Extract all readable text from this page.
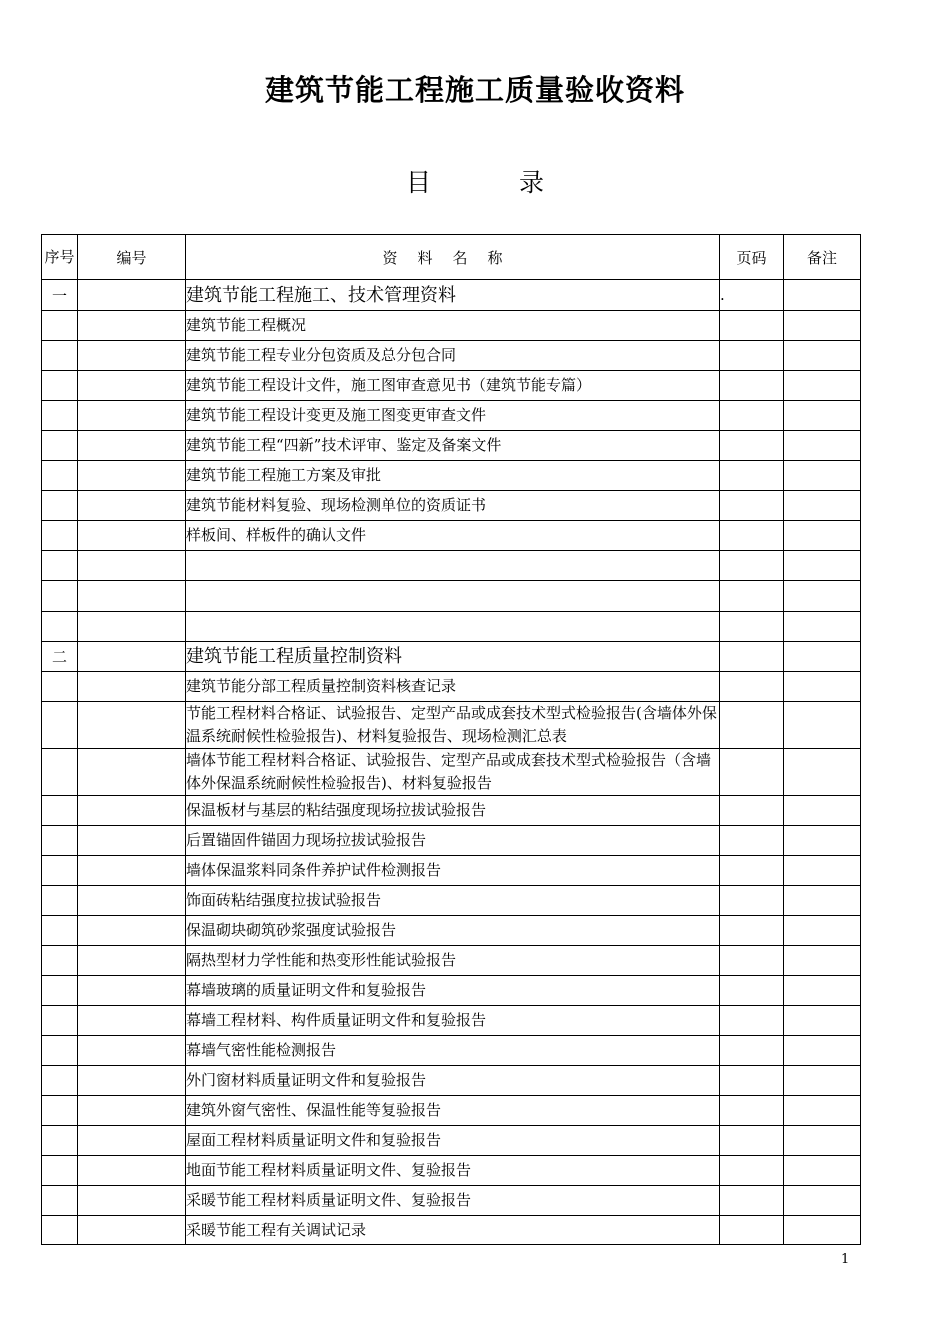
建筑节能工程施工质量验收资料
目 录
序号	编号	资料名称	页码	备注
一		建筑节能工程施工、技术管理资料	.	
		建筑节能工程概况		
		建筑节能工程专业分包资质及总分包合同		
		建筑节能工程设计文件，施工图审查意见书（建筑节能专篇）		
		建筑节能工程设计变更及施工图变更审查文件		
		建筑节能工程“四新”技术评审、鉴定及备案文件		
		建筑节能工程施工方案及审批		
		建筑节能材料复验、现场检测单位的资质证书		
		样板间、样板件的确认文件		

二		建筑节能工程质量控制资料		
		建筑节能分部工程质量控制资料核查记录		
		节能工程材料合格证、试验报告、定型产品或成套技术型式检验报告(含墙体外保温系统耐候性检验报告)、材料复验报告、现场检测汇总表		
		墙体节能工程材料合格证、试验报告、定型产品或成套技术型式检验报告（含墙体外保温系统耐候性检验报告)、材料复验报告		
		保温板材与基层的粘结强度现场拉拔试验报告		
		后置锚固件锚固力现场拉拔试验报告		
		墙体保温浆料同条件养护试件检测报告		
		饰面砖粘结强度拉拔试验报告		
		保温砌块砌筑砂浆强度试验报告		
		隔热型材力学性能和热变形性能试验报告		
		幕墙玻璃的质量证明文件和复验报告		
		幕墙工程材料、构件质量证明文件和复验报告		
		幕墙气密性能检测报告		
		外门窗材料质量证明文件和复验报告		
		建筑外窗气密性、保温性能等复验报告		
		屋面工程材料质量证明文件和复验报告		
		地面节能工程材料质量证明文件、复验报告		
		采暖节能工程材料质量证明文件、复验报告		
		采暖节能工程有关调试记录		
1
